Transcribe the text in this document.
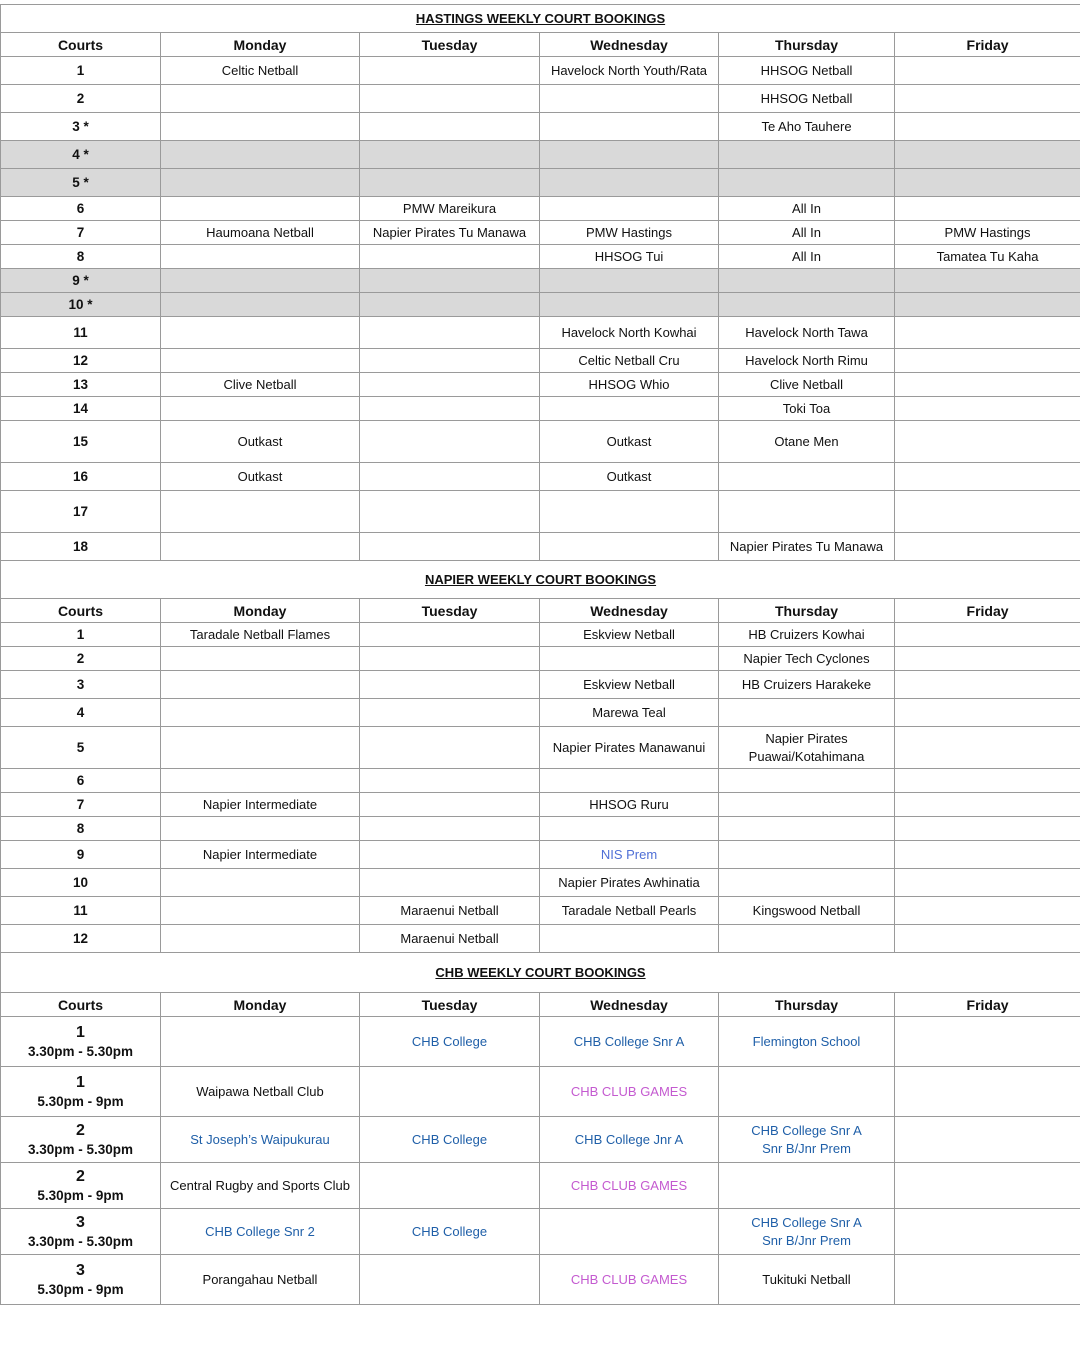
HASTINGS WEEKLY COURT BOOKINGS					
Courts	Monday	Tuesday	Wednesday	Thursday	Friday
1	Celtic Netball		Havelock North Youth/Rata	HHSOG Netball	
2				HHSOG Netball	
3 *				Te Aho Tauhere	
4 *					
5 *					
6		PMW Mareikura		All In	
7	Haumoana Netball	Napier Pirates Tu Manawa	PMW Hastings	All In	PMW Hastings
8			HHSOG Tui	All In	Tamatea Tu Kaha
9 *					
10 *					
11			Havelock North Kowhai	Havelock North Tawa	
12			Celtic Netball Cru	Havelock North Rimu	
13	Clive Netball		HHSOG Whio	Clive Netball	
14				Toki Toa	
15	Outkast		Outkast	Otane Men	
16	Outkast		Outkast		
17					
18				Napier Pirates Tu Manawa	
NAPIER WEEKLY COURT BOOKINGS					
Courts	Monday	Tuesday	Wednesday	Thursday	Friday
1	Taradale Netball Flames		Eskview Netball	HB Cruizers Kowhai	
2				Napier Tech Cyclones	
3			Eskview Netball	HB Cruizers Harakeke	
4			Marewa Teal		
5			Napier Pirates Manawanui	Napier Pirates
Puawai/Kotahimana	

6					
7	Napier Intermediate		HHSOG Ruru		
8					
9	Napier Intermediate		NIS Prem		
10			Napier Pirates Awhinatia		
11		Maraenui Netball	Taradale Netball Pearls	Kingswood Netball	
12		Maraenui Netball			
CHB WEEKLY COURT BOOKINGS					
Courts	Monday	Tuesday	Wednesday	Thursday	Friday

1
3.30pm - 5.30pm		CHB College	CHB College Snr A	Flemington School	

1
5.30pm - 9pm	Waipawa Netball Club		CHB CLUB GAMES		

2
3.30pm - 5.30pm	St Joseph’s Waipukurau	CHB College	CHB College Jnr A	CHB College Snr A
Snr B/Jnr Prem	

2
5.30pm - 9pm	Central Rugby and Sports Club		CHB CLUB GAMES		

3
3.30pm - 5.30pm	CHB College Snr 2	CHB College		CHB College Snr A
Snr B/Jnr Prem	

3
5.30pm - 9pm	Porangahau Netball		CHB CLUB GAMES	Tukituki Netball	
